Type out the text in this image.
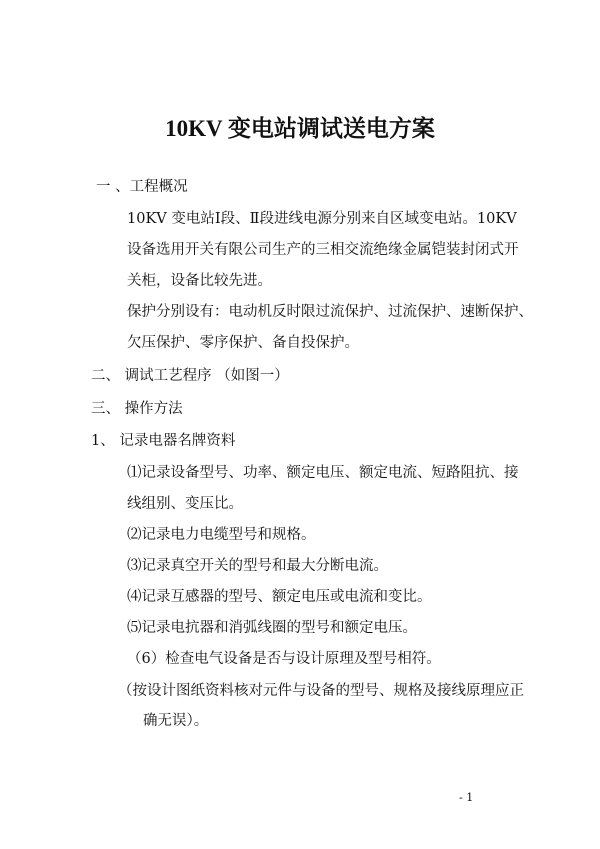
10KV 变电站调试送电方案
一 、工程概况
10KV 变电站Ⅰ段、Ⅱ段进线电源分别来自区域变电站。10KV
设备选用开关有限公司生产的三相交流绝缘金属铠装封闭式开
关柜，设备比较先进。
保护分别设有：电动机反时限过流保护、过流保护、速断保护、
欠压保护、零序保护、备自投保护。
二、 调试工艺程序 （如图一）
三、 操作方法
1、 记录电器名牌资料
⑴记录设备型号、功率、额定电压、额定电流、短路阻抗、接
线组别、变压比。
⑵记录电力电缆型号和规格。
⑶记录真空开关的型号和最大分断电流。
⑷记录互感器的型号、额定电压或电流和变比。
⑸记录电抗器和消弧线圈的型号和额定电压。
（6）检查电气设备是否与设计原理及型号相符。
（按设计图纸资料核对元件与设备的型号、规格及接线原理应正
确无误）。
- 1
